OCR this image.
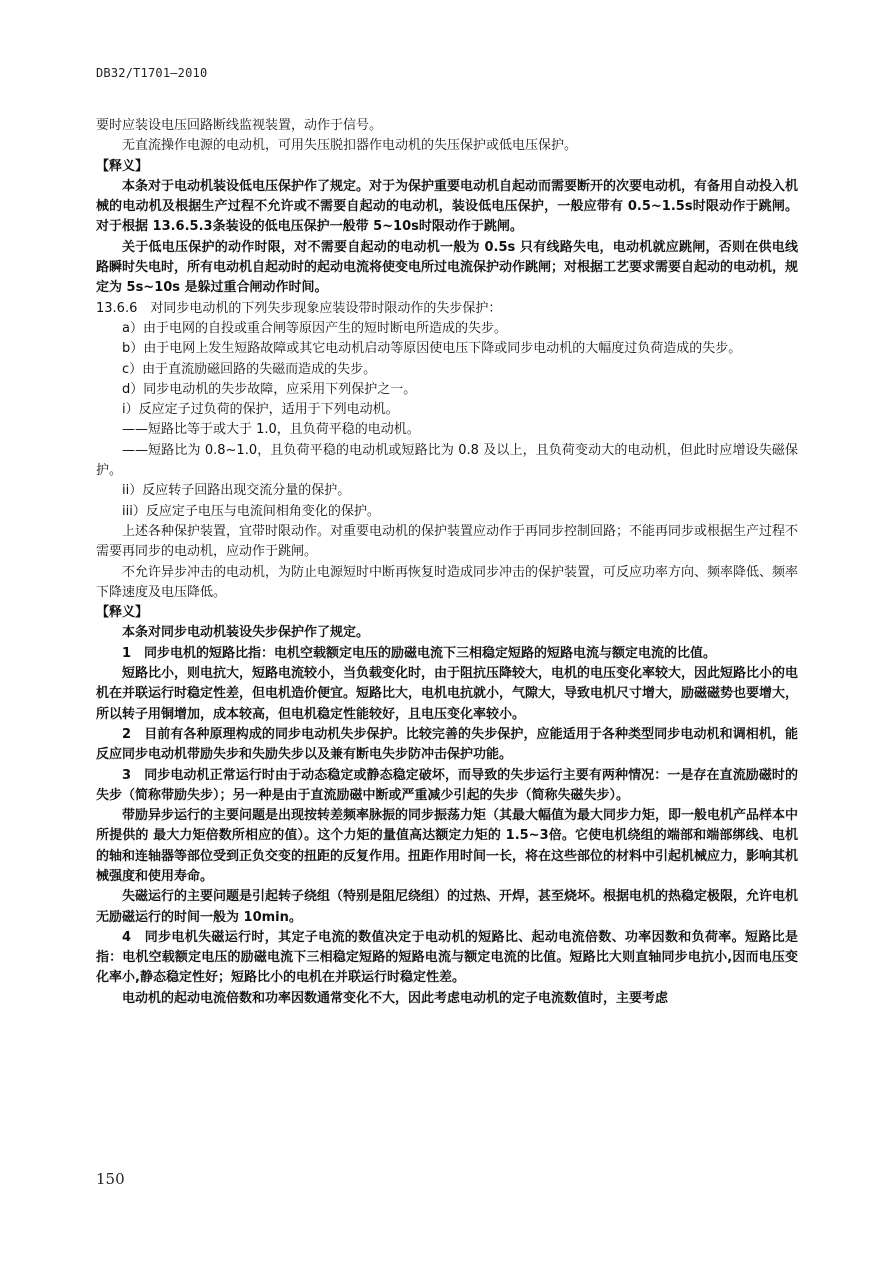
DB32/T1701—2010

要时应装设电压回路断线监视装置，动作于信号。

无直流操作电源的电动机，可用失压脱扣器作电动机的失压保护或低电压保护。

【释义】

本条对于电动机装设低电压保护作了规定。对于为保护重要电动机自起动而需要断开的次要电动机，有备用自动投入机械的电动机及根据生产过程不允许或不需要自起动的电动机，装设低电压保护，一般应带有 0.5~1.5s时限动作于跳闸。对于根据 13.6.5.3条装设的低电压保护一般带 5~10s时限动作于跳闸。

关于低电压保护的动作时限，对不需要自起动的电动机一般为 0.5s 只有线路失电，电动机就应跳闸，否则在供电线路瞬时失电时，所有电动机自起动时的起动电流将使变电所过电流保护动作跳闸；对根据工艺要求需要自起动的电动机，规定为 5s~10s 是躲过重合闸动作时间。

13.6.6　对同步电动机的下列失步现象应装设带时限动作的失步保护：

a）由于电网的自投或重合闸等原因产生的短时断电所造成的失步。

b）由于电网上发生短路故障或其它电动机启动等原因使电压下降或同步电动机的大幅度过负荷造成的失步。

c）由于直流励磁回路的失磁而造成的失步。

d）同步电动机的失步故障，应采用下列保护之一。

i）反应定子过负荷的保护，适用于下列电动机。

——短路比等于或大于 1.0，且负荷平稳的电动机。

——短路比为 0.8~1.0，且负荷平稳的电动机或短路比为 0.8 及以上，且负荷变动大的电动机，但此时应增设失磁保护。

ii）反应转子回路出现交流分量的保护。

iii）反应定子电压与电流间相角变化的保护。

上述各种保护装置，宜带时限动作。对重要电动机的保护装置应动作于再同步控制回路；不能再同步或根据生产过程不需要再同步的电动机，应动作于跳闸。

不允许异步冲击的电动机，为防止电源短时中断再恢复时造成同步冲击的保护装置，可反应功率方向、频率降低、频率下降速度及电压降低。

【释义】

本条对同步电动机装设失步保护作了规定。

1　同步电机的短路比指：电机空载额定电压的励磁电流下三相稳定短路的短路电流与额定电流的比值。

短路比小，则电抗大，短路电流较小，当负载变化时，由于阻抗压降较大，电机的电压变化率较大，因此短路比小的电机在并联运行时稳定性差，但电机造价便宜。短路比大，电机电抗就小，气隙大，导致电机尺寸增大，励磁磁势也要增大，所以转子用铜增加，成本较高，但电机稳定性能较好，且电压变化率较小。

2　目前有各种原理构成的同步电动机失步保护。比较完善的失步保护，应能适用于各种类型同步电动机和调相机，能反应同步电动机带励失步和失励失步以及兼有断电失步防冲击保护功能。

3　同步电动机正常运行时由于动态稳定或静态稳定破坏，而导致的失步运行主要有两种情况：一是存在直流励磁时的失步（简称带励失步）；另一种是由于直流励磁中断或严重减少引起的失步（简称失磁失步）。

带励异步运行的主要问题是出现按转差频率脉振的同步振荡力矩（其最大幅值为最大同步力矩，即一般电机产品样本中所提供的 最大力矩倍数所相应的值）。这个力矩的量值高达额定力矩的 1.5~3倍。它使电机绕组的端部和端部绑线、电机的轴和连轴器等部位受到正负交变的扭距的反复作用。扭距作用时间一长，将在这些部位的材料中引起机械应力，影响其机械强度和使用寿命。

失磁运行的主要问题是引起转子绕组（特别是阻尼绕组）的过热、开焊，甚至烧坏。根据电机的热稳定极限，允许电机无励磁运行的时间一般为 10min。

4　同步电机失磁运行时，其定子电流的数值决定于电动机的短路比、起动电流倍数、功率因数和负荷率。短路比是指：电机空载额定电压的励磁电流下三相稳定短路的短路电流与额定电流的比值。短路比大则直轴同步电抗小,因而电压变化率小,静态稳定性好；短路比小的电机在并联运行时稳定性差。

电动机的起动电流倍数和功率因数通常变化不大，因此考虑电动机的定子电流数值时，主要考虑

150
